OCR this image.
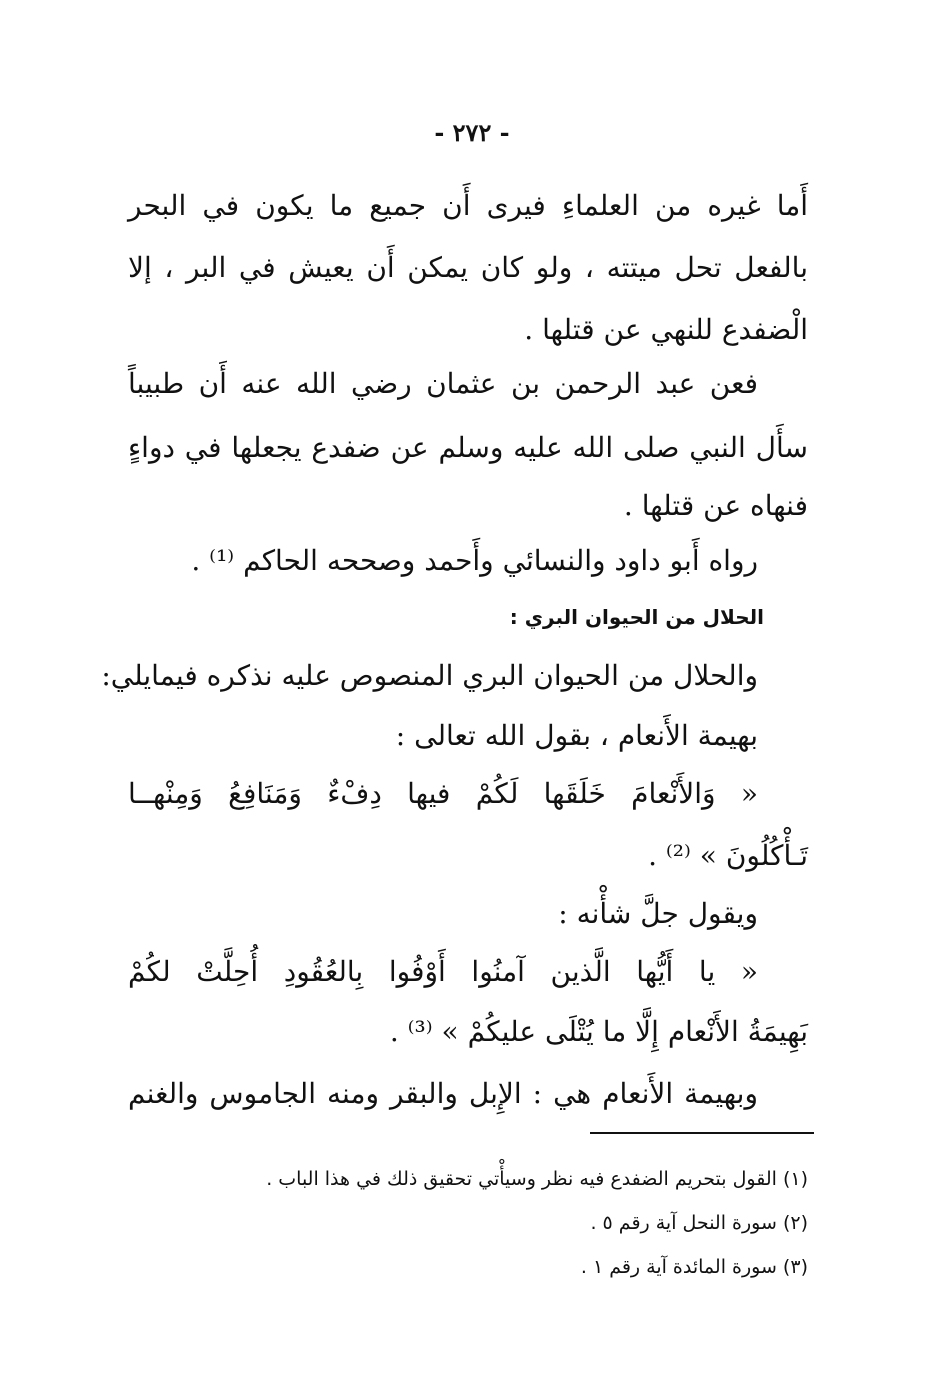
- ٢٧٢ -
أَما غيره من العلماءِ فيرى أَن جميع ما يكون في البحر
بالفعل تحل ميتته ، ولو كان يمكن أَن يعيش في البر ، إلا
الْضفدع للنهي عن قتلها .
فعن عبد الرحمن بن عثمان رضي الله عنه أَن طبيباً
سأَل النبي صلى الله عليه وسلم عن ضفدع يجعلها في دواءٍ
فنهاه عن قتلها .
رواه أَبو داود والنسائي وأَحمد وصححه الحاكم ⁽¹⁾ .
الحلال من الحيوان البري :
والحلال من الحيوان البري المنصوص عليه نذكره فيمايلي:
بهيمة الأَنعام ، بقول الله تعالى :
« وَالأَنْعامَ خَلَقَها لَكُمْ فيها دِفْءٌ وَمَنَافِعُ وَمِنْهــا
تَـأْكُلُونَ » ⁽²⁾ .
ويقول جلَّ شأْنه :
« يا أَيُّها الَّذين آمنُوا أَوْفُوا بِالعُقُودِ أُحِلَّتْ لكُمْ
بَهِيمَةُ الأَنْعام إِلَّا ما يُتْلَى عليكُمْ » ⁽³⁾ .
وبهيمة الأَنعام هي : الإِبل والبقر ومنه الجاموس والغنم
(١) القول بتحريم الضفدع فيه نظر وسيأْتي تحقيق ذلك في هذا الباب .
(٢) سورة النحل آية رقم ٥ .
(٣) سورة المائدة آية رقم ١ .
